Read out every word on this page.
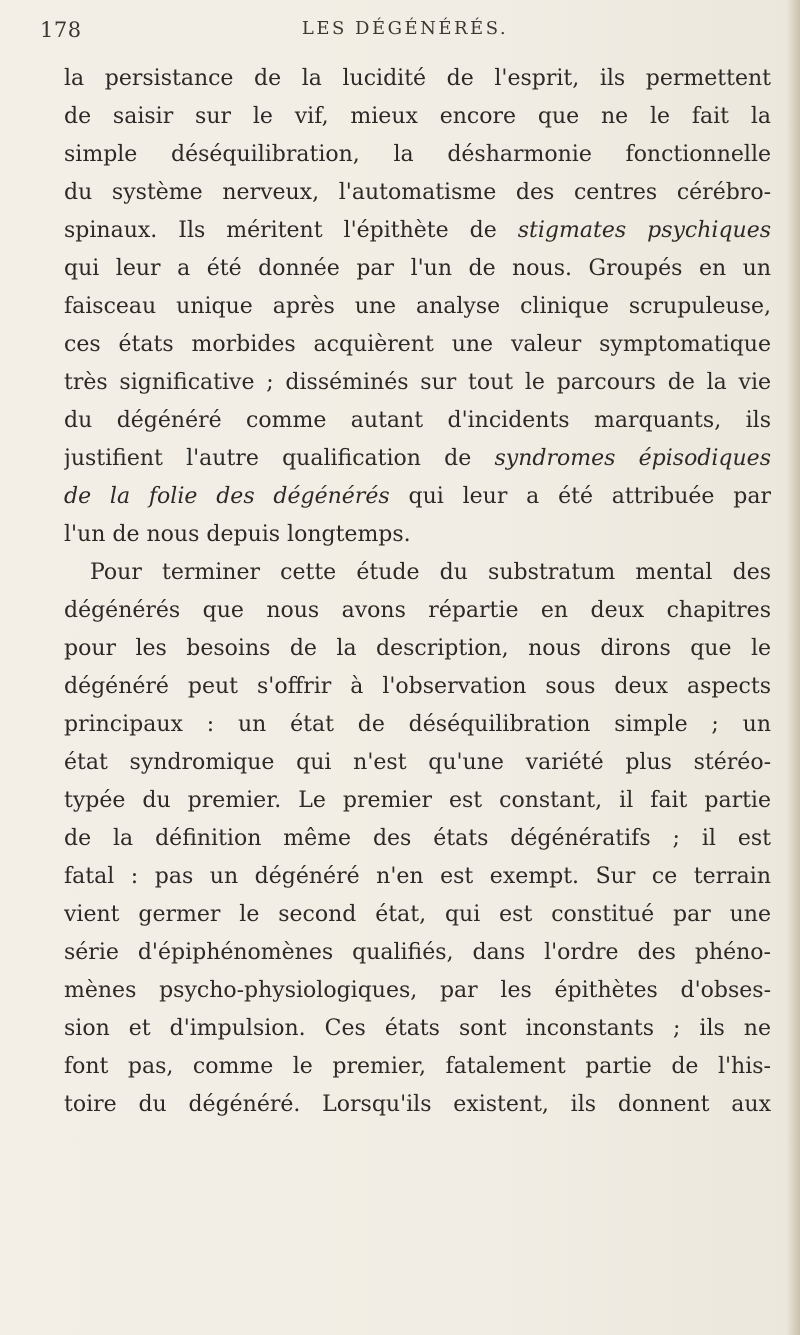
178	LES DÉGÉNÉRÉS.
la persistance de la lucidité de l'esprit, ils permettent
de saisir sur le vif, mieux encore que ne le fait la
simple déséquilibration, la désharmonie fonctionnelle
du système nerveux, l'automatisme des centres cérébro-
spinaux. Ils méritent l'épithète de stigmates psychiques
qui leur a été donnée par l'un de nous. Groupés en un
faisceau unique après une analyse clinique scrupuleuse,
ces états morbides acquièrent une valeur symptomatique
très significative ; disséminés sur tout le parcours de la vie
du dégénéré comme autant d'incidents marquants, ils
justifient l'autre qualification de syndromes épisodiques
de la folie des dégénérés qui leur a été attribuée par
l'un de nous depuis longtemps.
Pour terminer cette étude du substratum mental des
dégénérés que nous avons répartie en deux chapitres
pour les besoins de la description, nous dirons que le
dégénéré peut s'offrir à l'observation sous deux aspects
principaux : un état de déséquilibration simple ; un
état syndromique qui n'est qu'une variété plus stéréo-
typée du premier. Le premier est constant, il fait partie
de la définition même des états dégénératifs ; il est
fatal : pas un dégénéré n'en est exempt. Sur ce terrain
vient germer le second état, qui est constitué par une
série d'épiphénomènes qualifiés, dans l'ordre des phéno-
mènes psycho-physiologiques, par les épithètes d'obses-
sion et d'impulsion. Ces états sont inconstants ; ils ne
font pas, comme le premier, fatalement partie de l'his-
toire du dégénéré. Lorsqu'ils existent, ils donnent aux
